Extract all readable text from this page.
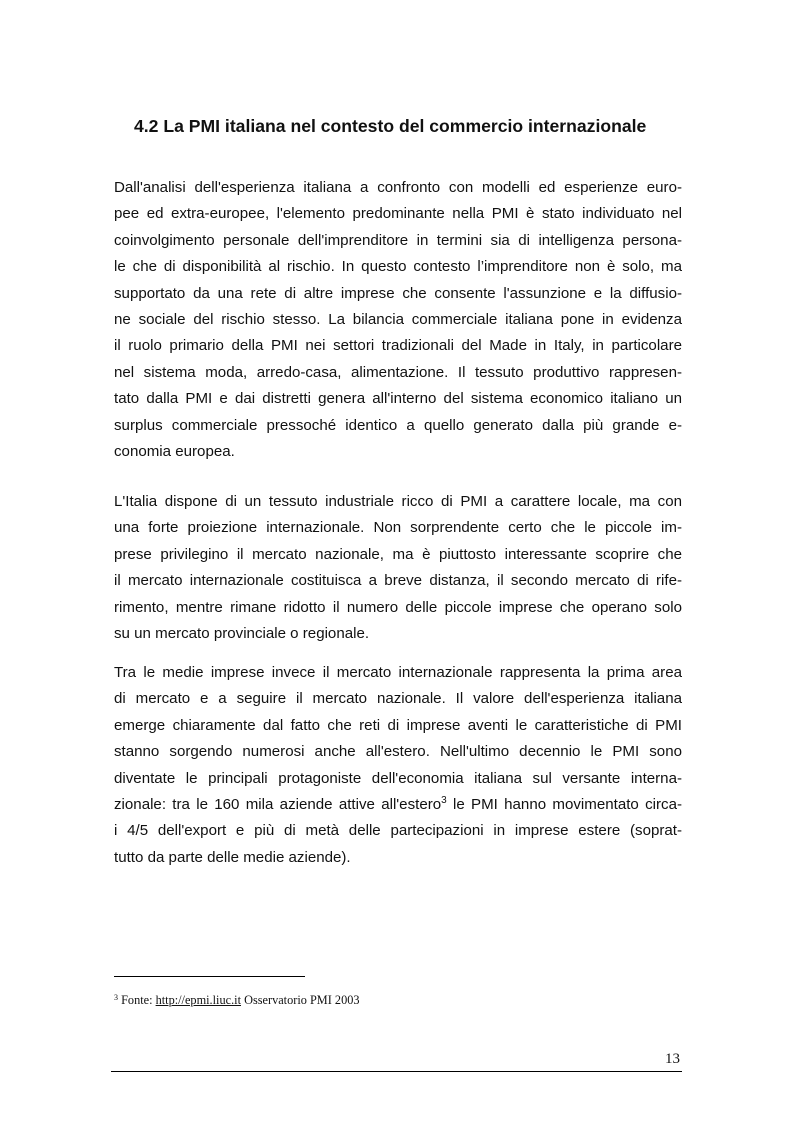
4.2 La PMI italiana nel contesto del commercio internazionale
Dall'analisi dell'esperienza italiana a confronto con modelli ed esperienze euro-
pee ed extra-europee, l'elemento predominante nella PMI è stato individuato nel
coinvolgimento personale dell'imprenditore in termini sia di intelligenza persona-
le che di disponibilità al rischio. In questo contesto l’imprenditore non è solo, ma
supportato da una rete di altre imprese che consente l'assunzione e la diffusio-
ne sociale del rischio stesso. La bilancia commerciale italiana pone in evidenza
il ruolo primario della PMI nei settori tradizionali del Made in Italy, in particolare
nel sistema moda, arredo-casa, alimentazione. Il tessuto produttivo rappresen-
tato dalla PMI e dai distretti genera all'interno del sistema economico italiano un
surplus commerciale pressoché identico a quello generato dalla più grande e-
conomia europea.
L'Italia dispone di un tessuto industriale ricco di PMI a carattere locale, ma con
una forte proiezione internazionale. Non sorprendente certo che le piccole im-
prese privilegino il mercato nazionale, ma è piuttosto interessante scoprire che
il mercato internazionale costituisca a breve distanza, il secondo mercato di rife-
rimento, mentre rimane ridotto il numero delle piccole imprese che operano solo
su un mercato provinciale o regionale.
Tra le medie imprese invece il mercato internazionale rappresenta la prima area
di mercato e a seguire il mercato nazionale. Il valore dell'esperienza italiana
emerge chiaramente dal fatto che reti di imprese aventi le caratteristiche di PMI
stanno sorgendo numerosi anche all'estero. Nell'ultimo decennio le PMI sono
diventate le principali protagoniste dell'economia italiana sul versante interna-
zionale: tra le 160 mila aziende attive all'estero$^3$ le PMI hanno movimentato circa-
i 4/5 dell'export e più di metà delle partecipazioni in imprese estere (soprat-
tutto da parte delle medie aziende).
$^3$ Fonte: http://epmi.liuc.it Osservatorio PMI 2003
13
